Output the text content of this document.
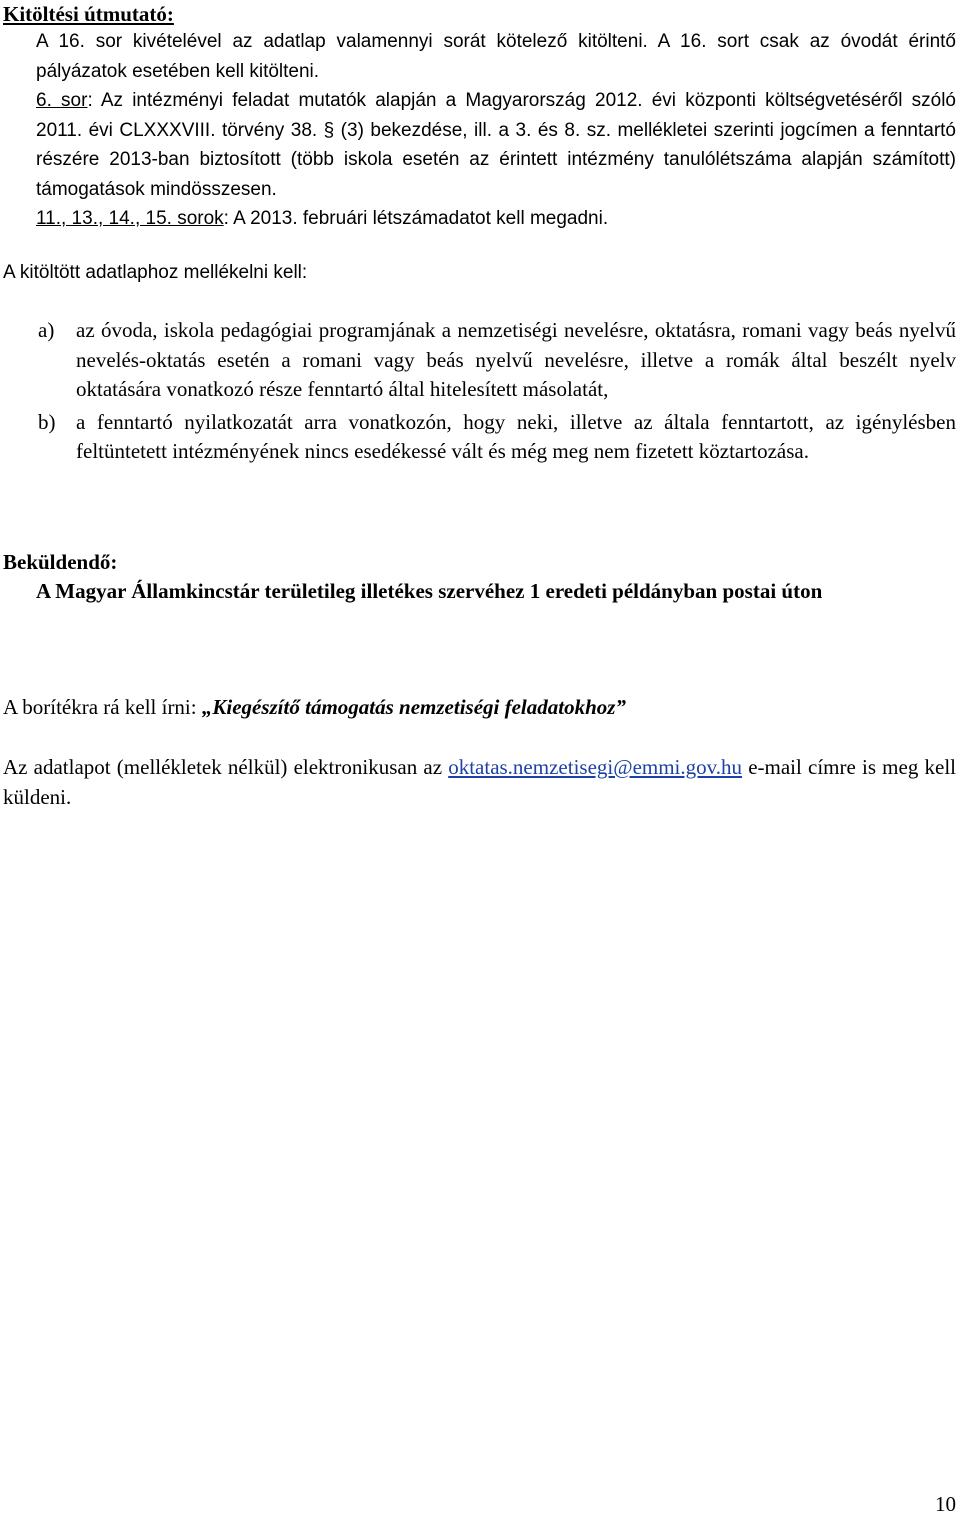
Kitöltési útmutató:

A 16. sor kivételével az adatlap valamennyi sorát kötelező kitölteni. A 16. sort csak az óvodát érintő pályázatok esetében kell kitölteni.

6. sor: Az intézményi feladat mutatók alapján a Magyarország 2012. évi központi költségvetéséről szóló 2011. évi CLXXXVIII. törvény 38. § (3) bekezdése, ill. a 3. és 8. sz. mellékletei szerinti jogcímen a fenntartó részére 2013-ban biztosított (több iskola esetén az érintett intézmény tanulólétszáma alapján számított) támogatások mindösszesen.

11., 13., 14., 15. sorok: A 2013. februári létszámadatot kell megadni.

A kitöltött adatlaphoz mellékelni kell:
a)	az óvoda, iskola pedagógiai programjának a nemzetiségi nevelésre, oktatásra, romani vagy beás nyelvű nevelés-oktatás esetén a romani vagy beás nyelvű nevelésre, illetve a romák által beszélt nyelv oktatására vonatkozó része fenntartó által hitelesített másolatát,
b) a fenntartó nyilatkozatát arra vonatkozón, hogy neki, illetve az általa fenntartott, az igénylésben feltüntetett intézményének nincs esedékessé vált és még meg nem fizetett köztartozása.
Beküldendő:
A Magyar Államkincstár területileg illetékes szervéhez 1 eredeti példányban postai úton
A borítékra rá kell írni: „Kiegészítő támogatás nemzetiségi feladatokhoz”
Az adatlapot (mellékletek nélkül) elektronikusan az oktatas.nemzetisegi@emmi.gov.hu e-mail címre is meg kell küldeni.
10
